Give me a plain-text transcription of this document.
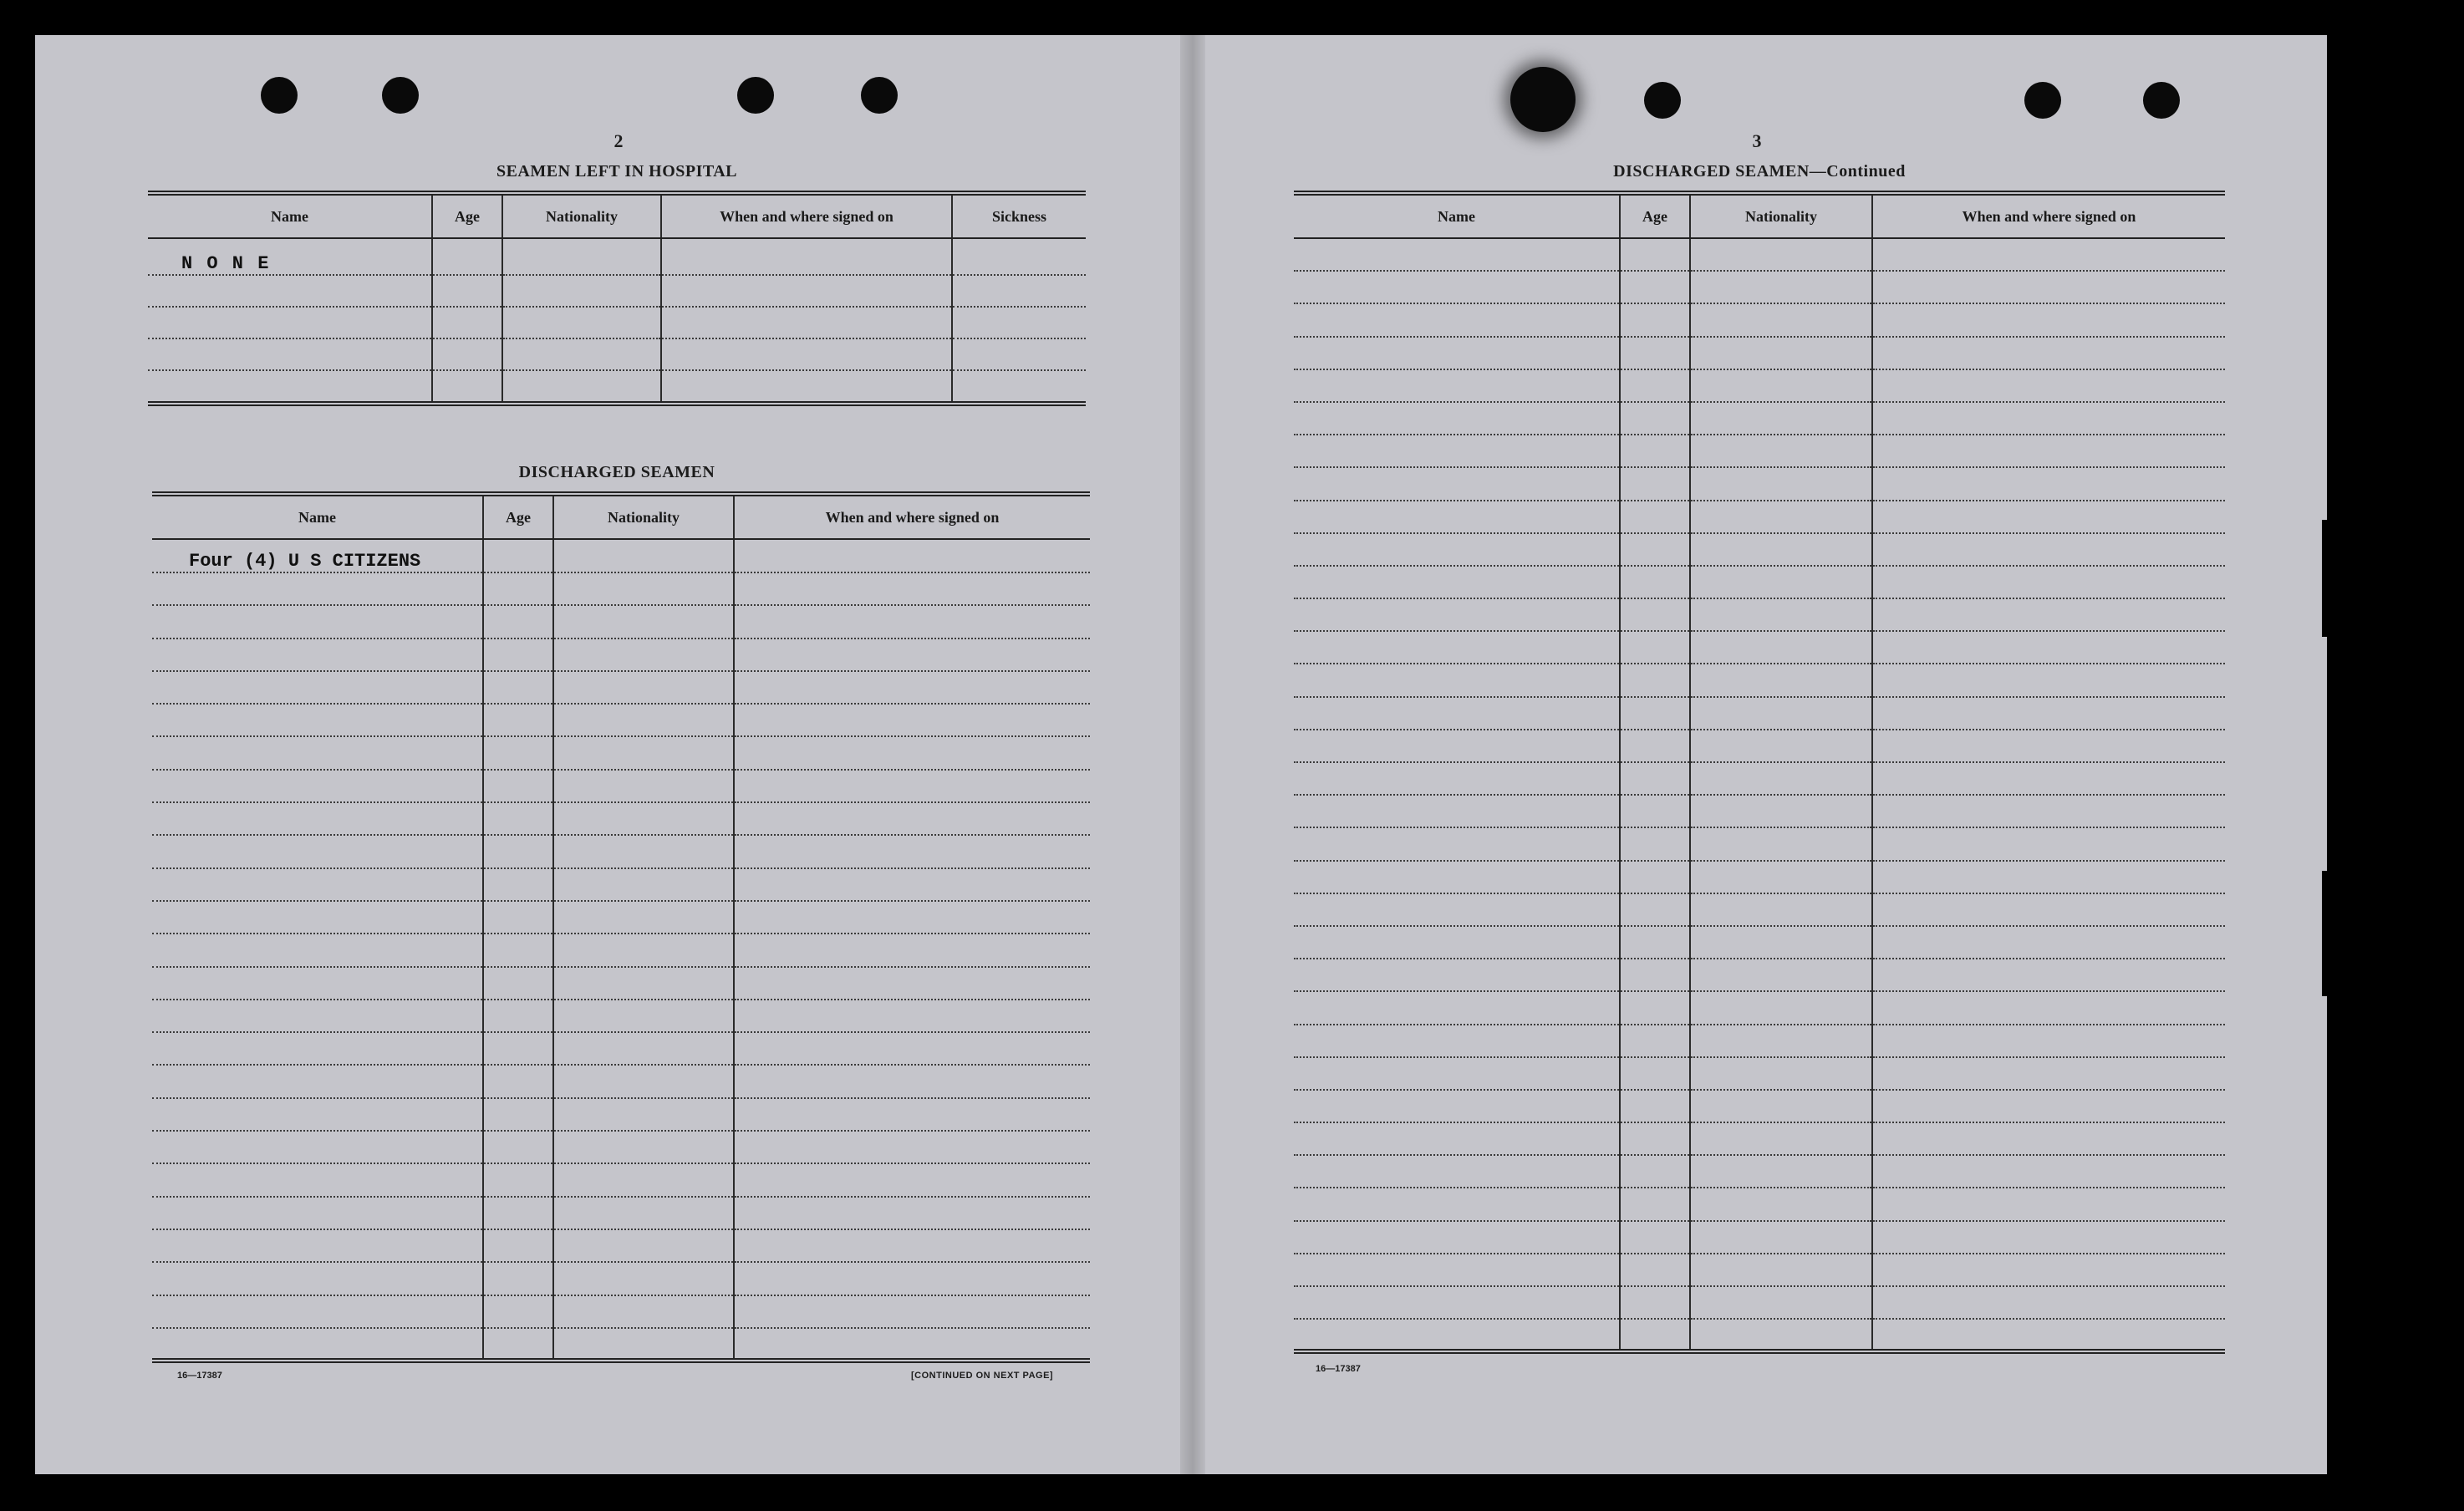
2
SEAMEN LEFT IN HOSPITAL
Name	Age	Nationality	When and where signed on	Sickness
N O N E				

DISCHARGED SEAMEN
Name	Age	Nationality	When and where signed on
Four (4) U S CITIZENS			

16—17387	[CONTINUED ON NEXT PAGE]
3
DISCHARGED SEAMEN—Continued
Name	Age	Nationality	When and where signed on

16—17387
